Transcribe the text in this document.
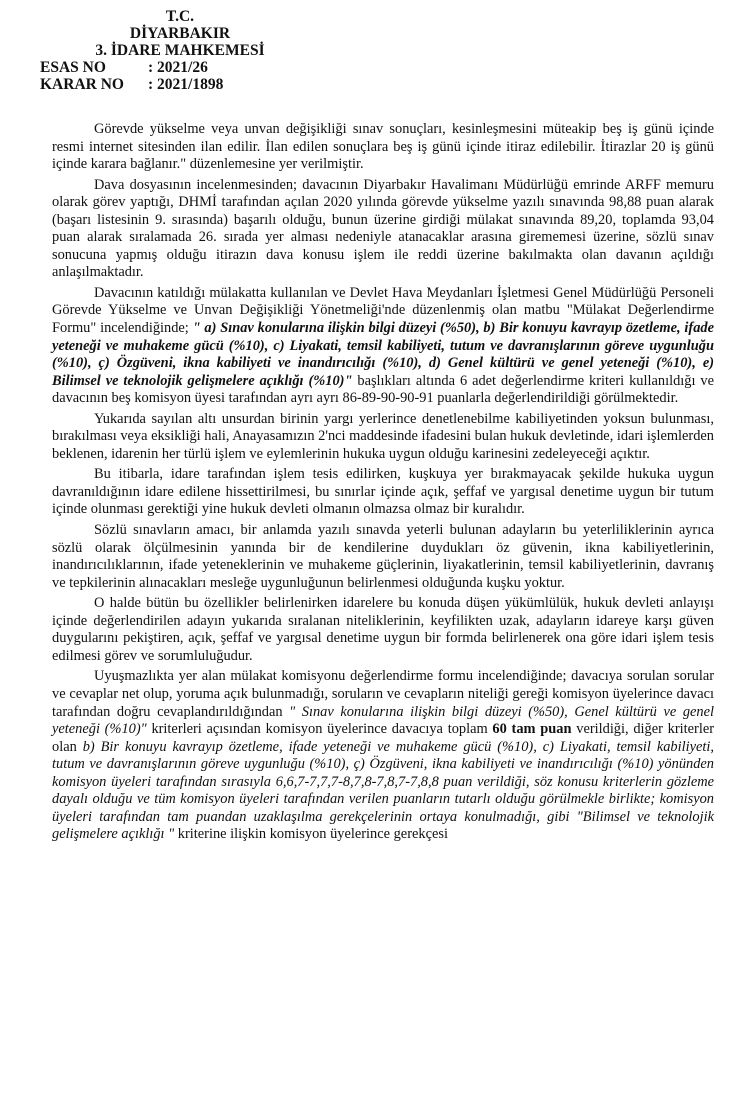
T.C.
DİYARBAKIR
3. İDARE MAHKEMESİ
ESAS NO	: 2021/26
KARAR NO	: 2021/1898

Görevde yükselme veya unvan değişikliği sınav sonuçları, kesinleşmesini müteakip beş iş günü içinde resmi internet sitesinden ilan edilir. İlan edilen sonuçlara beş iş günü içinde itiraz edilebilir. İtirazlar 20 iş günü içinde karara bağlanır." düzenlemesine yer verilmiştir.

Dava dosyasının incelenmesinden; davacının Diyarbakır Havalimanı Müdürlüğü emrinde ARFF memuru olarak görev yaptığı, DHMİ tarafından açılan 2020 yılında görevde yükselme yazılı sınavında 98,88 puan alarak (başarı listesinin 9. sırasında) başarılı olduğu, bunun üzerine girdiği mülakat sınavında 89,20, toplamda 93,04 puan alarak sıralamada 26. sırada yer alması nedeniyle atanacaklar arasına girememesi üzerine, sözlü sınav sonucuna yapmış olduğu itirazın dava konusu işlem ile reddi üzerine bakılmakta olan davanın açıldığı anlaşılmaktadır.

Davacının katıldığı mülakatta kullanılan ve Devlet Hava Meydanları İşletmesi Genel Müdürlüğü Personeli Görevde Yükselme ve Unvan Değişikliği Yönetmeliği'nde düzenlenmiş olan matbu "Mülakat Değerlendirme Formu" incelendiğinde; " a) Sınav konularına ilişkin bilgi düzeyi (%50), b) Bir konuyu kavrayıp özetleme, ifade yeteneği ve muhakeme gücü (%10), c) Liyakati, temsil kabiliyeti, tutum ve davranışlarının göreve uygunluğu (%10), ç) Özgüveni, ikna kabiliyeti ve inandırıcılığı (%10), d) Genel kültürü ve genel yeteneği (%10), e) Bilimsel ve teknolojik gelişmelere açıklığı (%10)" başlıkları altında 6 adet değerlendirme kriteri kullanıldığı ve davacının beş komisyon üyesi tarafından ayrı ayrı 86-89-90-90-91 puanlarla değerlendirildiği görülmektedir.

Yukarıda sayılan altı unsurdan birinin yargı yerlerince denetlenebilme kabiliyetinden yoksun bulunması, bırakılması veya eksikliği hali, Anayasamızın 2'nci maddesinde ifadesini bulan hukuk devletinde, idari işlemlerden beklenen, idarenin her türlü işlem ve eylemlerinin hukuka uygun olduğu karinesini zedeleyeceği açıktır.

Bu itibarla, idare tarafından işlem tesis edilirken, kuşkuya yer bırakmayacak şekilde hukuka uygun davranıldığının idare edilene hissettirilmesi, bu sınırlar içinde açık, şeffaf ve yargısal denetime uygun bir tutum içinde olunması gerektiği yine hukuk devleti olmanın olmazsa olmaz bir kuralıdır.

Sözlü sınavların amacı, bir anlamda yazılı sınavda yeterli bulunan adayların bu yeterliliklerinin ayrıca sözlü olarak ölçülmesinin yanında bir de kendilerine duydukları öz güvenin, ikna kabiliyetlerinin, inandırıcılıklarının, ifade yeteneklerinin ve muhakeme güçlerinin, liyakatlerinin, temsil kabiliyetlerinin, davranış ve tepkilerinin alınacakları mesleğe uygunluğunun belirlenmesi olduğunda kuşku yoktur.

O halde bütün bu özellikler belirlenirken idarelere bu konuda düşen yükümlülük, hukuk devleti anlayışı içinde değerlendirilen adayın yukarıda sıralanan niteliklerinin, keyfilikten uzak, adayların idareye karşı güven duygularını pekiştiren, açık, şeffaf ve yargısal denetime uygun bir formda belirlenerek ona göre idari işlem tesis edilmesi görev ve sorumluluğudur.

Uyuşmazlıkta yer alan mülakat komisyonu değerlendirme formu incelendiğinde; davacıya sorulan sorular ve cevaplar net olup, yoruma açık bulunmadığı, soruların ve cevapların niteliği gereği komisyon üyelerince davacı tarafından doğru cevaplandırıldığından " Sınav konularına ilişkin bilgi düzeyi (%50), Genel kültürü ve genel yeteneği (%10)" kriterleri açısından komisyon üyelerince davacıya toplam 60 tam puan verildiği, diğer kriterler olan b) Bir konuyu kavrayıp özetleme, ifade yeteneği ve muhakeme gücü (%10), c) Liyakati, temsil kabiliyeti, tutum ve davranışlarının göreve uygunluğu (%10), ç) Özgüveni, ikna kabiliyeti ve inandırıcılığı (%10) yönünden komisyon üyeleri tarafından sırasıyla 6,6,7-7,7,7-8,7,8-7,8,7-7,8,8 puan verildiği, söz konusu kriterlerin gözleme dayalı olduğu ve tüm komisyon üyeleri tarafından verilen puanların tutarlı olduğu görülmekle birlikte; komisyon üyeleri tarafından tam puandan uzaklaşılma gerekçelerinin ortaya konulmadığı, gibi "Bilimsel ve teknolojik gelişmelere açıklığı " kriterine ilişkin komisyon üyelerince gerekçesi
